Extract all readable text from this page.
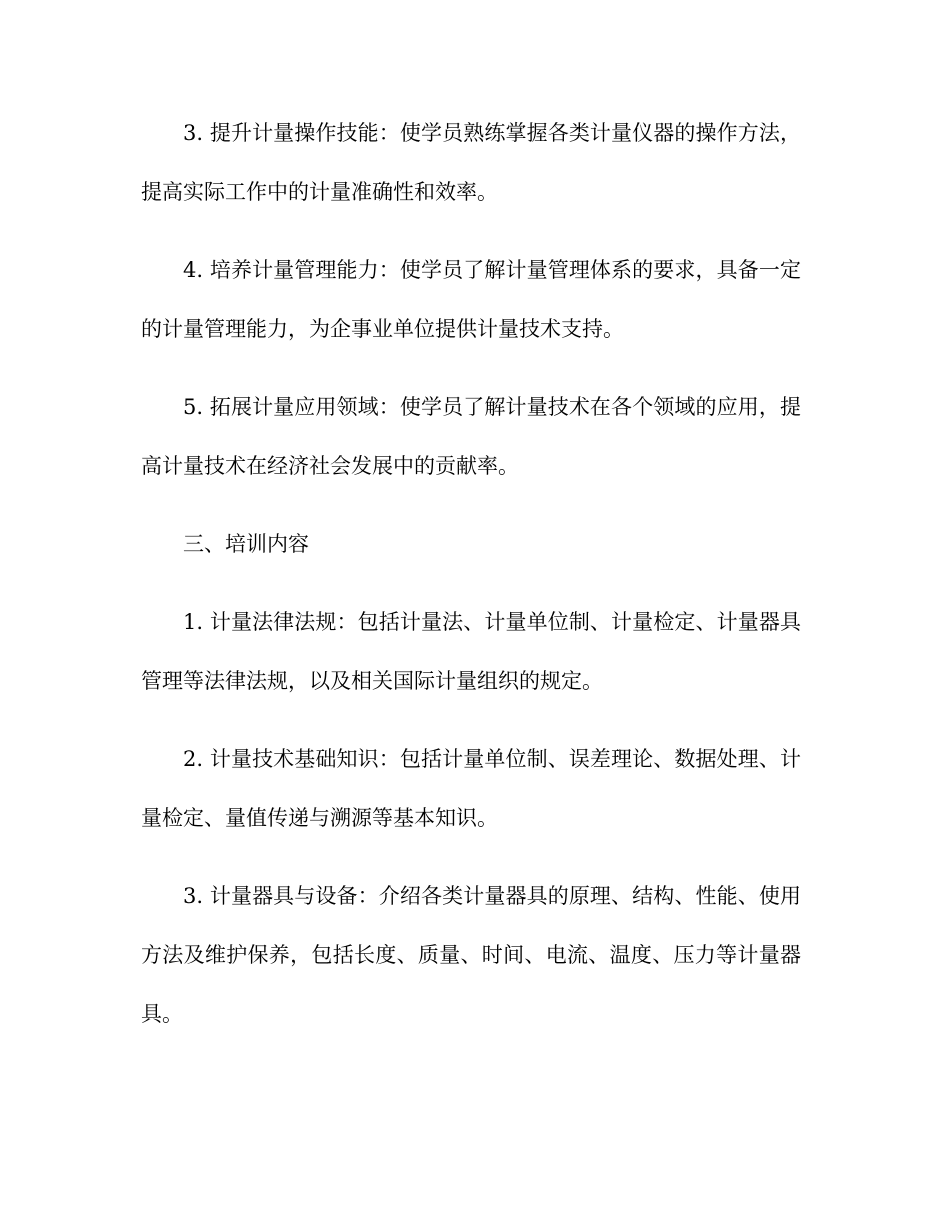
3. 提升计量操作技能：使学员熟练掌握各类计量仪器的操作方法，提高实际工作中的计量准确性和效率。

4. 培养计量管理能力：使学员了解计量管理体系的要求，具备一定的计量管理能力，为企事业单位提供计量技术支持。

5. 拓展计量应用领域：使学员了解计量技术在各个领域的应用，提高计量技术在经济社会发展中的贡献率。

三、培训内容

1. 计量法律法规：包括计量法、计量单位制、计量检定、计量器具管理等法律法规，以及相关国际计量组织的规定。

2. 计量技术基础知识：包括计量单位制、误差理论、数据处理、计量检定、量值传递与溯源等基本知识。

3. 计量器具与设备：介绍各类计量器具的原理、结构、性能、使用方法及维护保养，包括长度、质量、时间、电流、温度、压力等计量器具。
